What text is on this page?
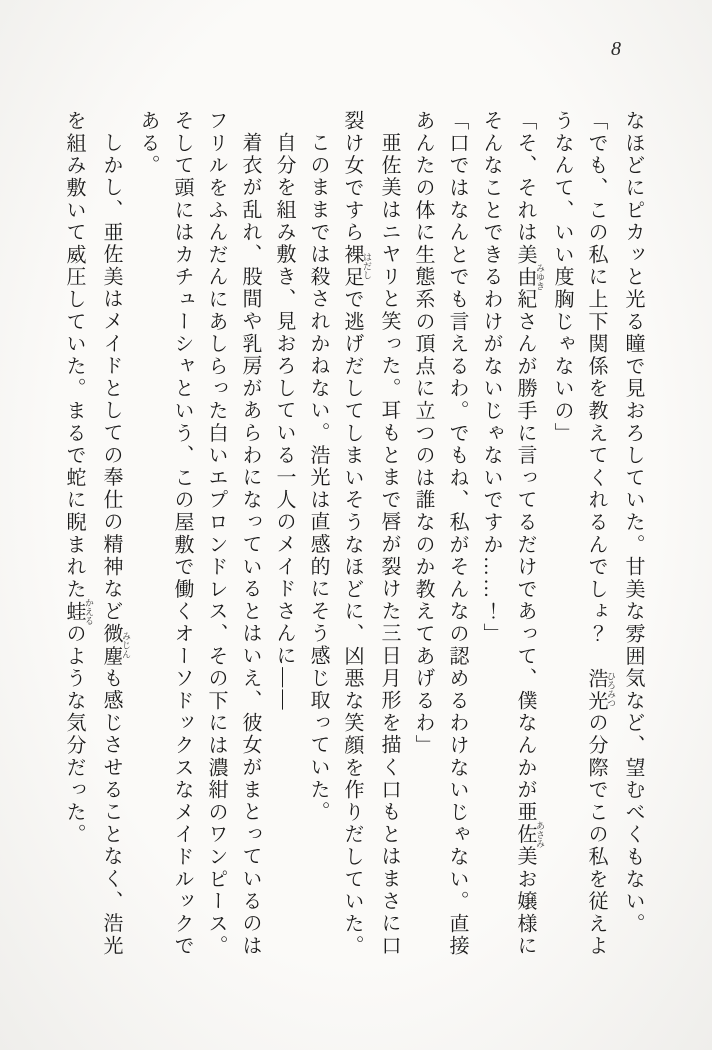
8
なほどにピカッと光る瞳で見おろしていた。甘美な雰囲気など、望むべくもない。
「でも、この私に上下関係を教えてくれるんでしょ？　浩光 ひろみつの分際でこの私を従えよ
うなんて、いい度胸じゃないの」
「そ、それは美由紀 みゆきさんが勝手に言ってるだけであって、僕なんかが亜佐美 あさみお嬢様に
そんなことできるわけがないじゃないですか……！」
「口ではなんとでも言えるわ。でもね、私がそんなの認めるわけないじゃない。直接
あんたの体に生態系の頂点に立つのは誰なのか教えてあげるわ」
亜佐美はニヤリと笑った。耳もとまで唇が裂けた三日月形を描く口もとはまさに口
裂け女ですら裸足 はだしで逃げだしてしまいそうなほどに、凶悪な笑顔を作りだしていた。
このままでは殺されかねない。浩光は直感的にそう感じ取っていた。
自分を組み敷き、見おろしている一人のメイドさんに――
着衣が乱れ、股間や乳房があらわになっているとはいえ、彼女がまとっているのは
フリルをふんだんにあしらった白いエプロンドレス、その下には濃紺のワンピース。
そして頭にはカチューシャという、この屋敷で働くオーソドックスなメイドルックで
ある。
しかし、亜佐美はメイドとしての奉仕の精神など微塵 みじんも感じさせることなく、浩光
を組み敷いて威圧していた。まるで蛇に睨まれた蛙 かえるのような気分だった。
